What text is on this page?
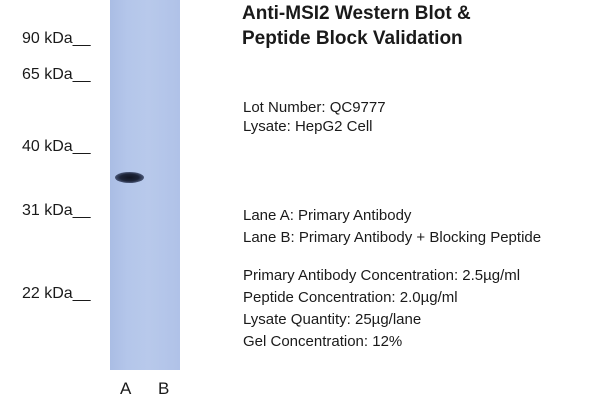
90 kDa__
65 kDa__
40 kDa__
31 kDa__
22 kDa__
A B
Anti-MSI2 Western Blot &
Peptide Block Validation
Lot Number: QC9777
Lysate: HepG2 Cell
Lane A: Primary Antibody
Lane B: Primary Antibody + Blocking Peptide
Primary Antibody Concentration: 2.5µg/ml
Peptide Concentration: 2.0µg/ml
Lysate Quantity: 25µg/lane
Gel Concentration: 12%
